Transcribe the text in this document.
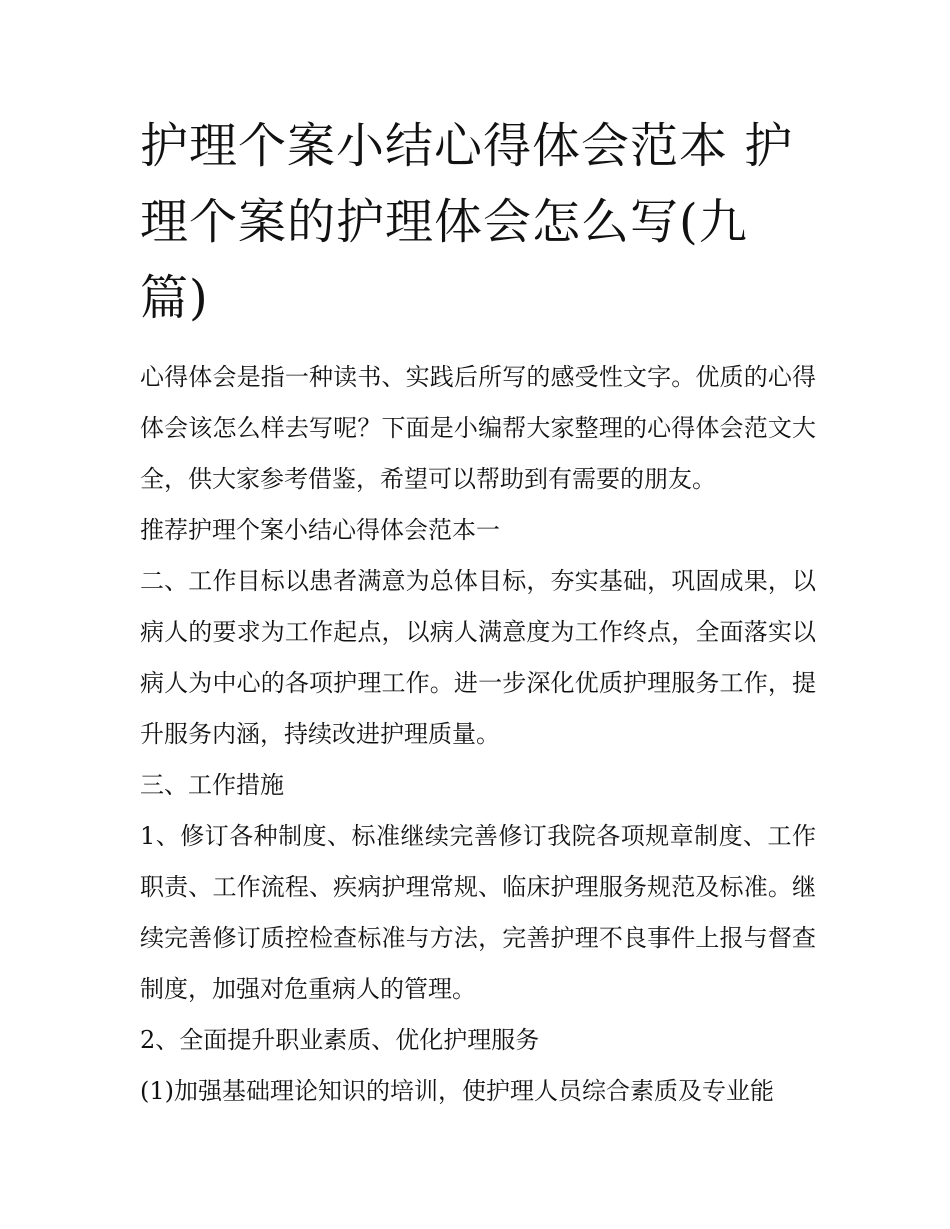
护理个案小结心得体会范本 护理个案的护理体会怎么写(九篇)

心得体会是指一种读书、实践后所写的感受性文字。优质的心得体会该怎么样去写呢？下面是小编帮大家整理的心得体会范文大全，供大家参考借鉴，希望可以帮助到有需要的朋友。

推荐护理个案小结心得体会范本一

二、工作目标以患者满意为总体目标，夯实基础，巩固成果，以病人的要求为工作起点，以病人满意度为工作终点，全面落实以病人为中心的各项护理工作。进一步深化优质护理服务工作，提升服务内涵，持续改进护理质量。

三、工作措施

1、修订各种制度、标准继续完善修订我院各项规章制度、工作职责、工作流程、疾病护理常规、临床护理服务规范及标准。继续完善修订质控检查标准与方法，完善护理不良事件上报与督查制度，加强对危重病人的管理。

2、全面提升职业素质、优化护理服务

(1)加强基础理论知识的培训，使护理人员综合素质及专业能
